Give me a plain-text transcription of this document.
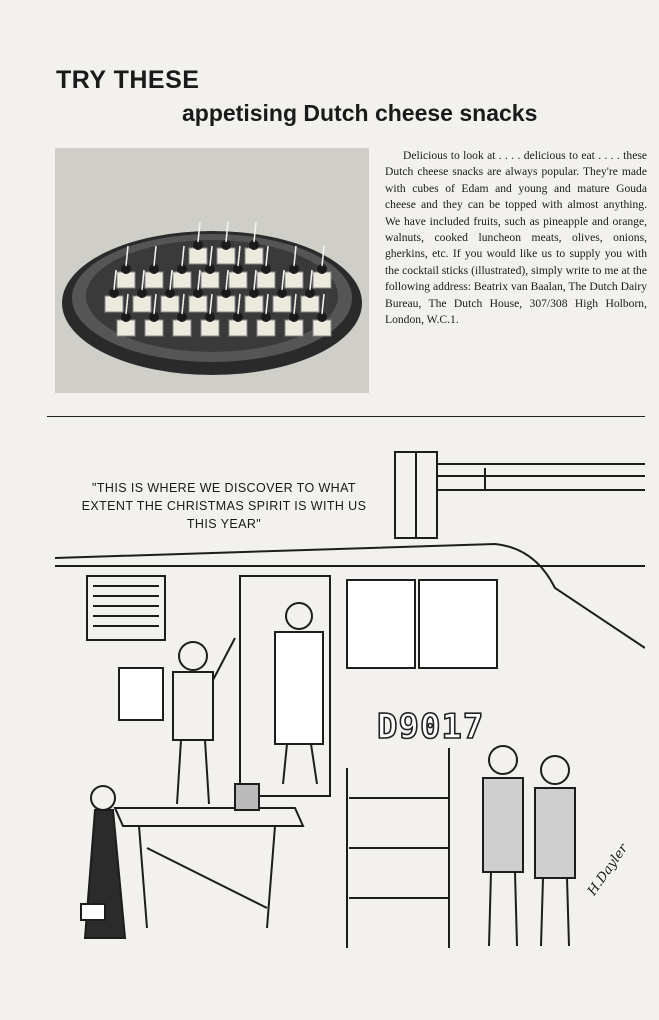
TRY THESE
appetising Dutch cheese snacks

Delicious to look at . . . . delicious to eat . . . . these Dutch cheese snacks are always popular. They're made with cubes of Edam and young and mature Gouda cheese and they can be topped with almost anything. We have included fruits, such as pineapple and orange, walnuts, cooked luncheon meats, olives, onions, gherkins, etc. If you would like us to supply you with the cocktail sticks (illustrated), simply write to me at the following address: Beatrix van Baalan, The Dutch Dairy Bureau, The Dutch House, 307/308 High Holborn, London, W.C.1.

"THIS IS WHERE WE DISCOVER TO WHAT EXTENT THE CHRISTMAS SPIRIT IS WITH US THIS YEAR"

D9017
H.Dayler
